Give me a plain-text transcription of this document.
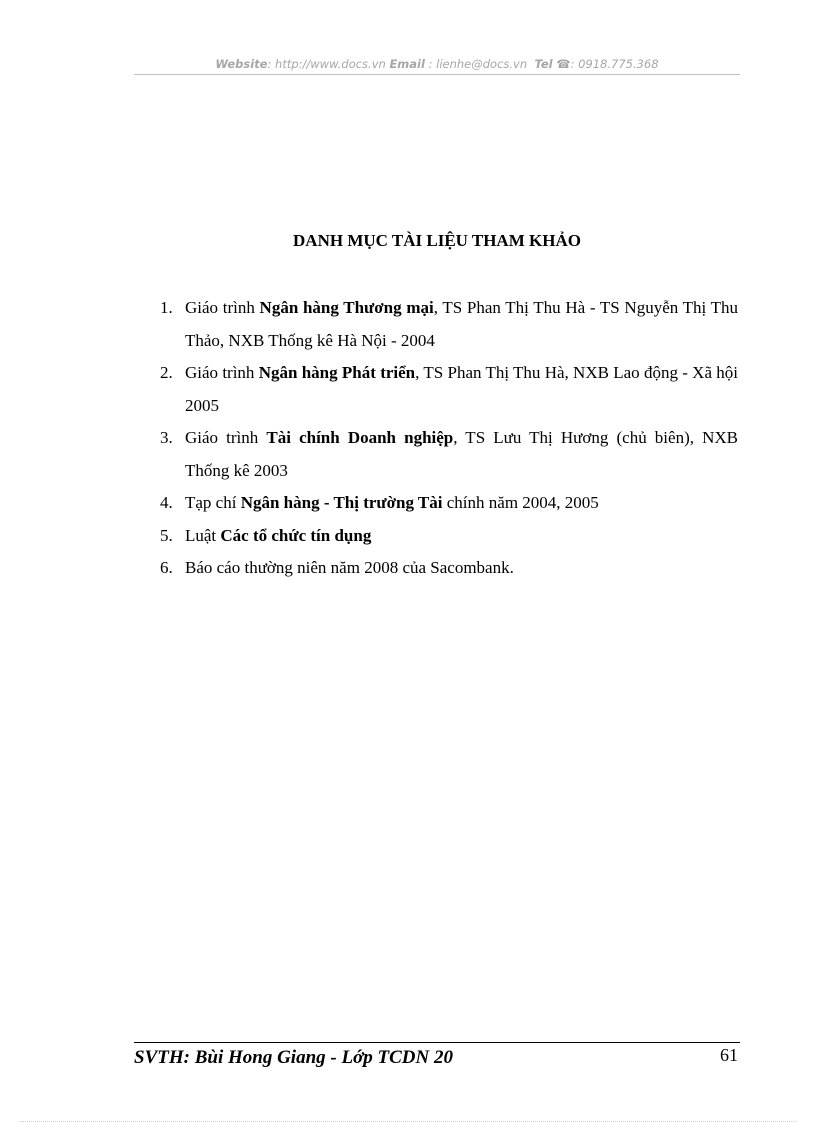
Website: http://www.docs.vn Email : lienhe@docs.vn Tel ☎: 0918.775.368
DANH MỤC TÀI LIỆU THAM KHẢO
1. Giáo trình Ngân hàng Thương mại, TS Phan Thị Thu Hà - TS Nguyễn Thị Thu Thảo, NXB Thống kê Hà Nội - 2004
2. Giáo trình Ngân hàng Phát triển, TS Phan Thị Thu Hà, NXB Lao động - Xã hội 2005
3. Giáo trình Tài chính Doanh nghiệp, TS Lưu Thị Hương (chủ biên), NXB Thống kê 2003
4. Tạp chí Ngân hàng - Thị trường Tài chính năm 2004, 2005
5. Luật Các tổ chức tín dụng
6. Báo cáo thường niên năm 2008 của Sacombank.
SVTH: Bùi Hong Giang - Lớp TCDN 20	61
